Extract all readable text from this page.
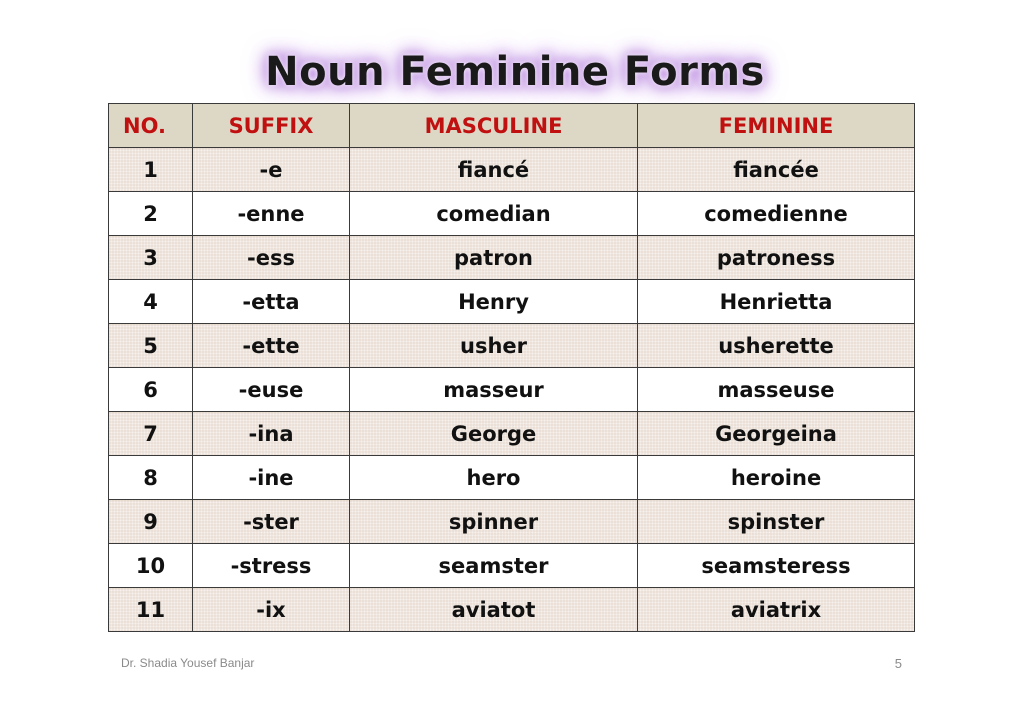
Noun Feminine Forms
NO.	SUFFIX	MASCULINE	FEMININE
1	-e	fiancé	fiancée
2	-enne	comedian	comedienne
3	-ess	patron	patroness
4	-etta	Henry	Henrietta
5	-ette	usher	usherette
6	-euse	masseur	masseuse
7	-ina	George	Georgeina
8	-ine	hero	heroine
9	-ster	spinner	spinster
10	-stress	seamster	seamsteress
11	-ix	aviatot	aviatrix
Dr. Shadia Yousef Banjar	5
